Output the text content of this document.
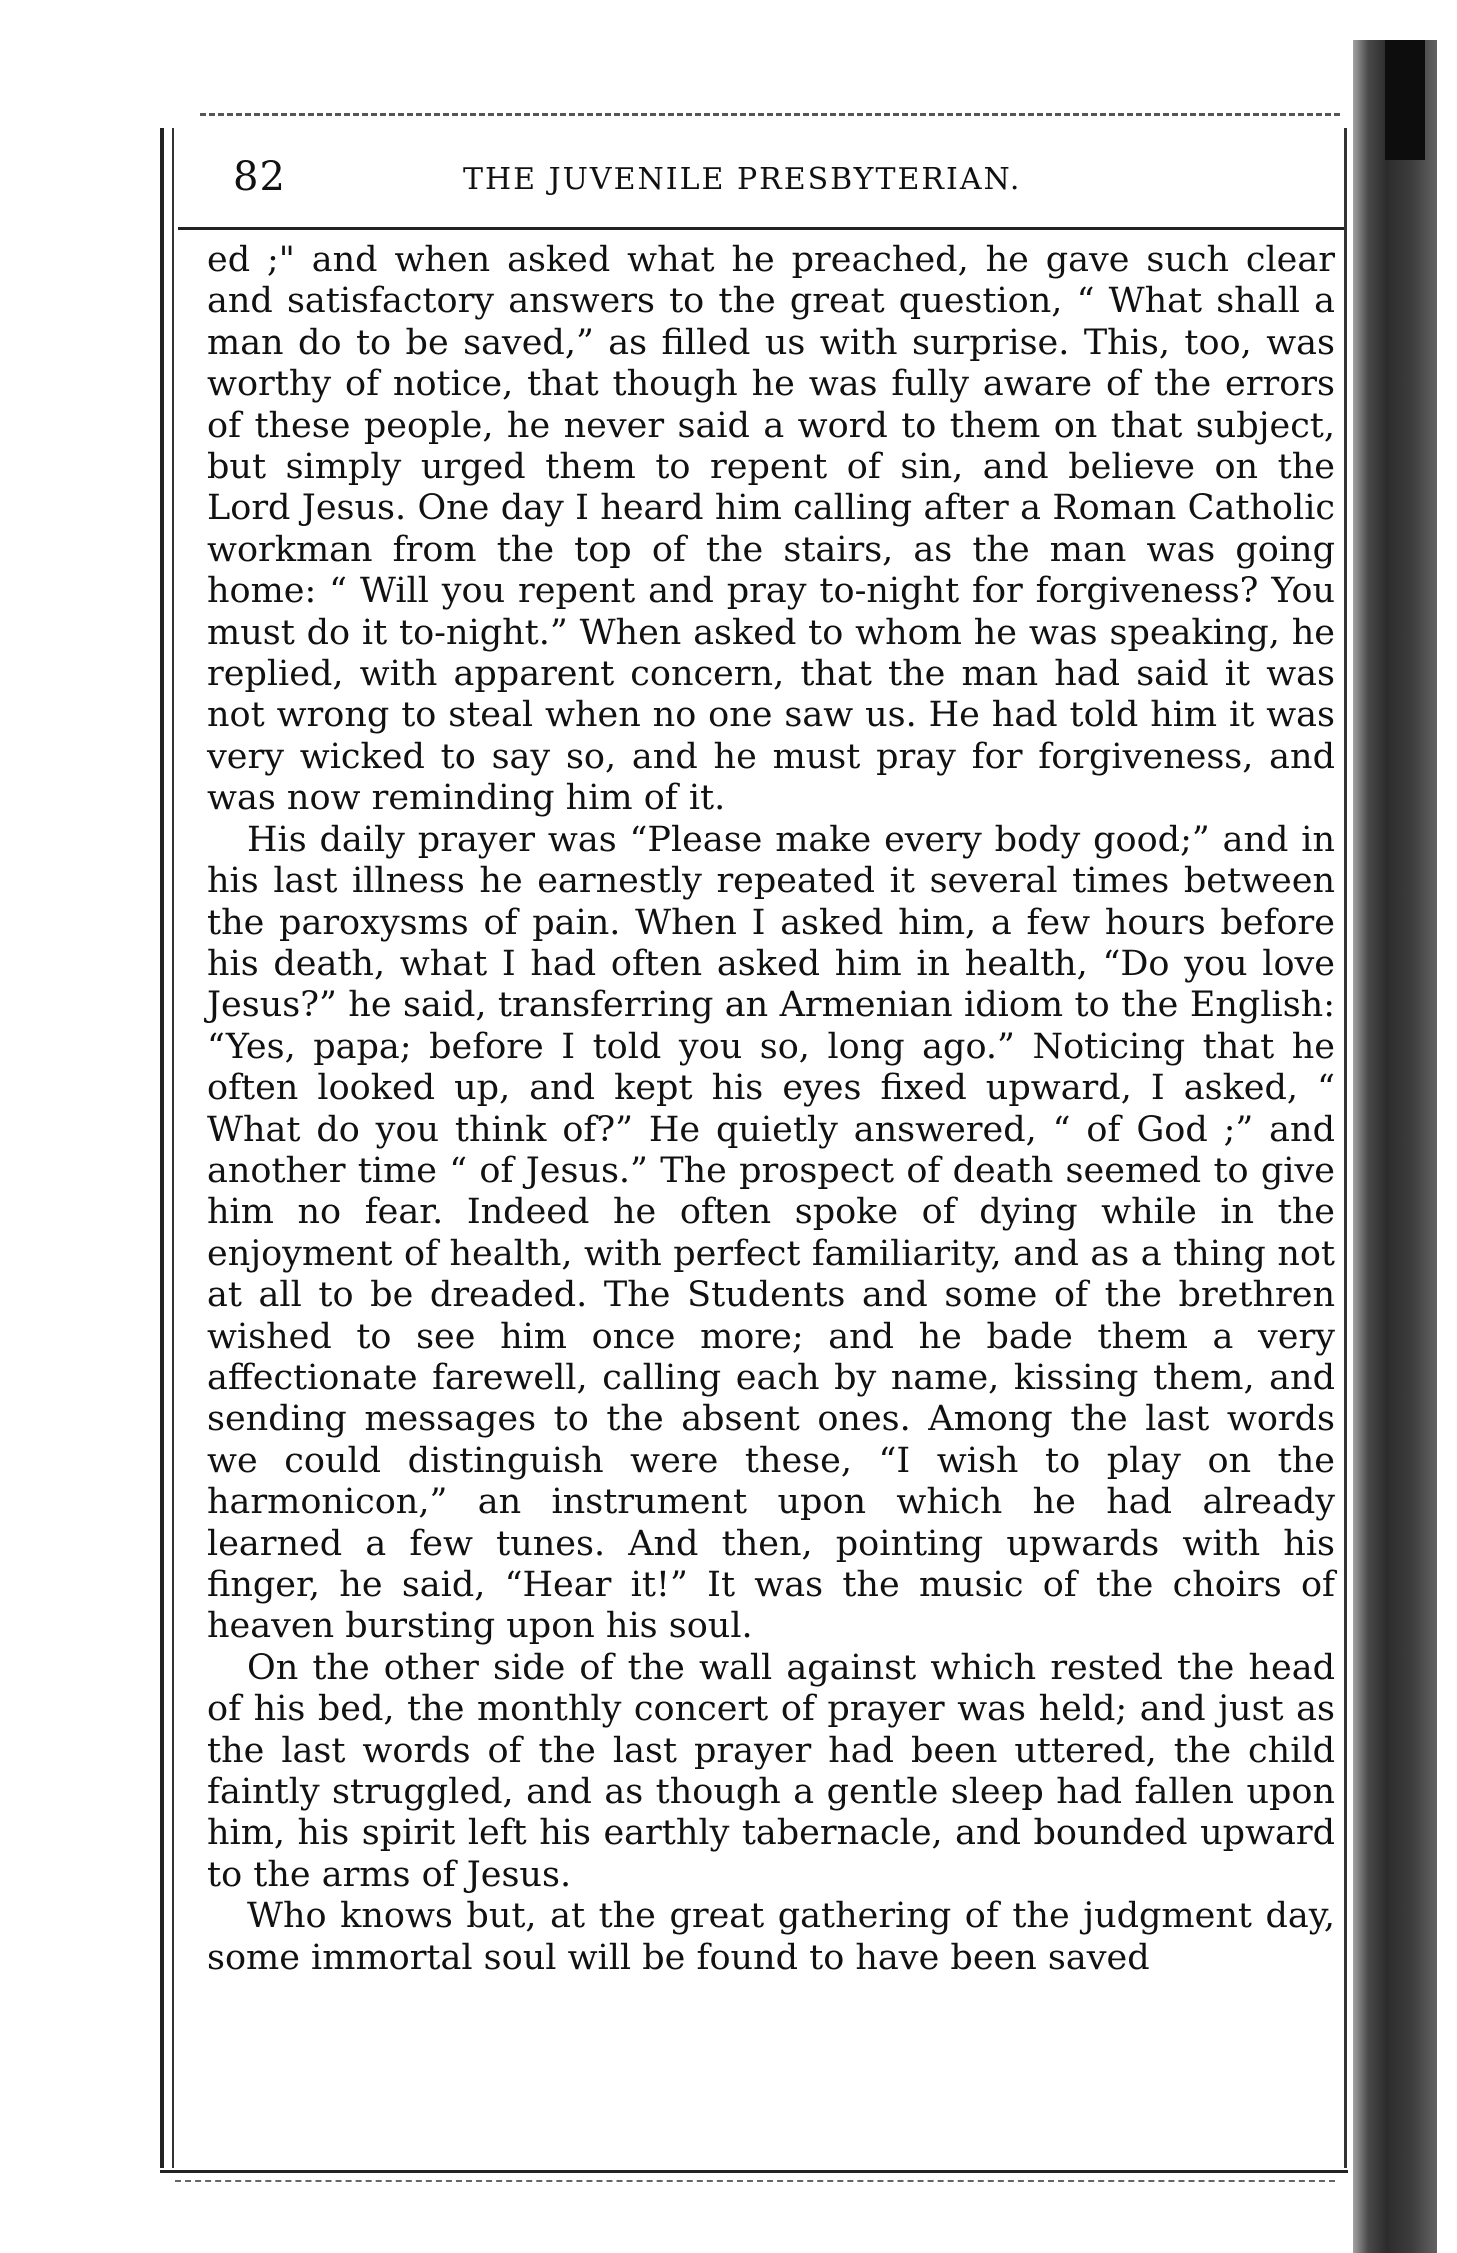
82	THE JUVENILE PRESBYTERIAN.

ed ;" and when asked what he preached, he gave such clear and satisfactory answers to the great question, “ What shall a man do to be saved,” as filled us with surprise. This, too, was worthy of notice, that though he was fully aware of the errors of these people, he never said a word to them on that subject, but simply urged them to repent of sin, and believe on the Lord Jesus. One day I heard him calling after a Roman Catholic workman from the top of the stairs, as the man was going home: “ Will you repent and pray to-night for forgiveness? You must do it to-night.” When asked to whom he was speaking, he replied, with apparent concern, that the man had said it was not wrong to steal when no one saw us. He had told him it was very wicked to say so, and he must pray for forgiveness, and was now reminding him of it.

His daily prayer was “Please make every body good;” and in his last illness he earnestly repeated it several times between the paroxysms of pain. When I asked him, a few hours before his death, what I had often asked him in health, “Do you love Jesus?” he said, transferring an Armenian idiom to the English: “Yes, papa; before I told you so, long ago.” Noticing that he often looked up, and kept his eyes fixed upward, I asked, “ What do you think of?” He quietly answered, “ of God ;” and another time “ of Jesus.” The prospect of death seemed to give him no fear. Indeed he often spoke of dying while in the enjoyment of health, with perfect familiarity, and as a thing not at all to be dreaded. The Students and some of the brethren wished to see him once more; and he bade them a very affectionate farewell, calling each by name, kissing them, and sending messages to the absent ones. Among the last words we could distinguish were these, “I wish to play on the harmonicon,” an instrument upon which he had already learned a few tunes. And then, pointing upwards with his finger, he said, “Hear it!” It was the music of the choirs of heaven bursting upon his soul.

On the other side of the wall against which rested the head of his bed, the monthly concert of prayer was held; and just as the last words of the last prayer had been uttered, the child faintly struggled, and as though a gentle sleep had fallen upon him, his spirit left his earthly tabernacle, and bounded upward to the arms of Jesus.

Who knows but, at the great gathering of the judgment day, some immortal soul will be found to have been saved
